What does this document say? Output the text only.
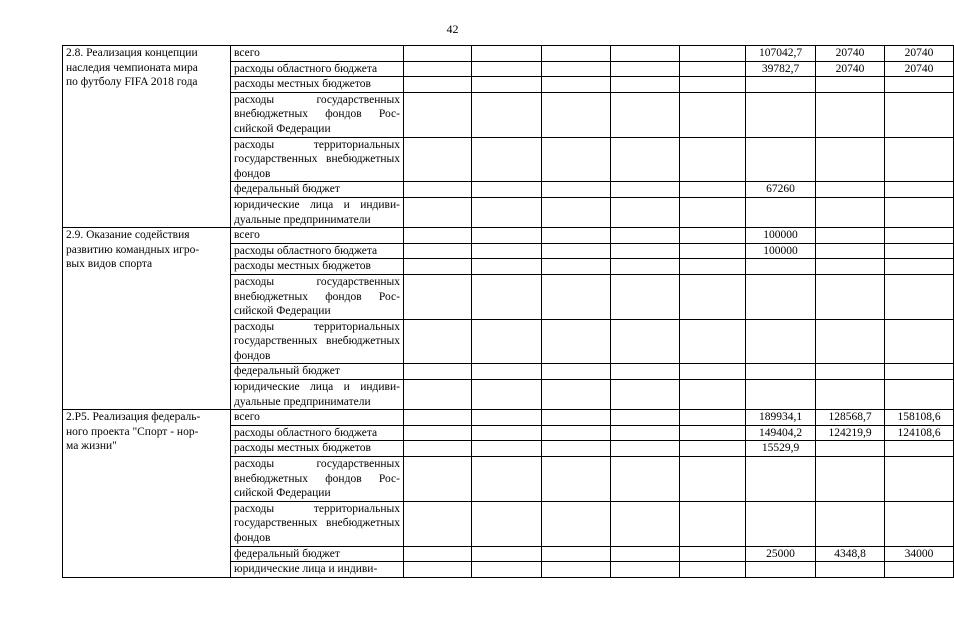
42
2.8. Реализация концепции
наследия чемпионата мира
по футболу FIFA 2018 года	всего						107042,7	20740	20740
	расходы областного бюджета						39782,7	20740	20740
	расходы местных бюджетов								
	расходы государственных внебюджетных фондов Российской Федерации								
	расходы территориальных государственных внебюджетных фондов								
	федеральный бюджет						67260		
	юридические лица и индивидуальные предприниматели								
2.9. Оказание содействия
развитию командных игро-
вых видов спорта	всего						100000		
	расходы областного бюджета						100000		
	расходы местных бюджетов								
	расходы государственных внебюджетных фондов Российской Федерации								
	расходы территориальных государственных внебюджетных фондов								
	федеральный бюджет								
	юридические лица и индивидуальные предприниматели								
2.Р5. Реализация федераль-
ного проекта "Спорт - нор-
ма жизни"	всего						189934,1	128568,7	158108,6
	расходы областного бюджета						149404,2	124219,9	124108,6
	расходы местных бюджетов						15529,9		
	расходы государственных внебюджетных фондов Российской Федерации								
	расходы территориальных государственных внебюджетных фондов								
	федеральный бюджет						25000	4348,8	34000
	юридические лица и индиви-								
